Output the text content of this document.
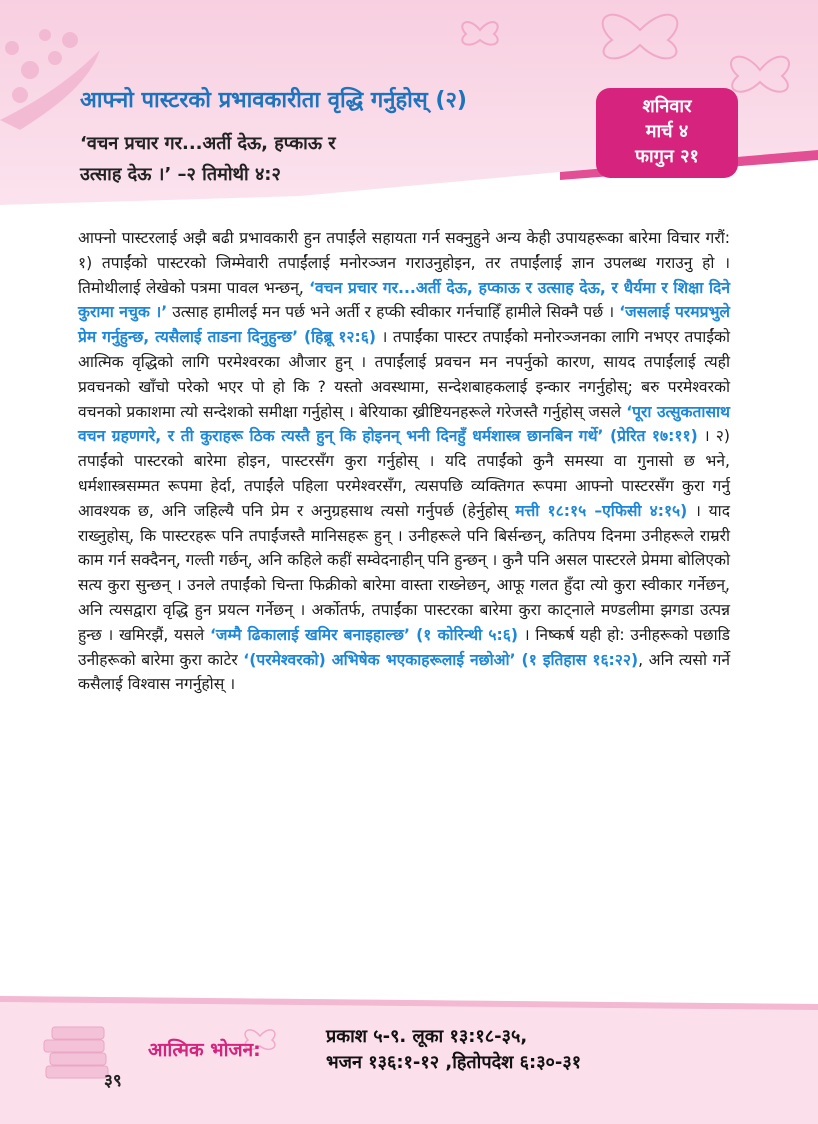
आफ्नो पास्टरको प्रभावकारीता वृद्धि गर्नुहोस् (२)
‘वचन प्रचार गर...अर्ती देऊ, हप्काऊ र
उत्साह देऊ ।’ –२ तिमोथी ४:२
शनिवार
मार्च ४
फागुन २१
आफ्नो पास्टरलाई अझै बढी प्रभावकारी हुन तपाईंले सहायता गर्न सक्नुहुने अन्य केही उपायहरूका बारेमा विचार गरौं: १) तपाईंको पास्टरको जिम्मेवारी तपाईंलाई मनोरञ्जन गराउनुहोइन, तर तपाईंलाई ज्ञान उपलब्ध गराउनु हो । तिमोथीलाई लेखेको पत्रमा पावल भन्छन्, ‘वचन प्रचार गर...अर्ती देऊ, हप्काऊ र उत्साह देऊ, र धैर्यमा र शिक्षा दिने कुरामा नचुक ।’ उत्साह हामीलई मन पर्छ भने अर्ती र हप्की स्वीकार गर्नचाहिँ हामीले सिक्नै पर्छ । ‘जसलाई परमप्रभुले प्रेम गर्नुहुन्छ, त्यसैलाई ताडना दिनुहुन्छ’ (हिब्रू १२:६) । तपाईंका पास्टर तपाईंको मनोरञ्जनका लागि नभएर तपाईंको आत्मिक वृद्धिको लागि परमेश्वरका औजार हुन् । तपाईंलाई प्रवचन मन नपर्नुको कारण, सायद तपाईंलाई त्यही प्रवचनको खाँचो परेको भएर पो हो कि ? यस्तो अवस्थामा, सन्देशबाहकलाई इन्कार नगर्नुहोस्; बरु परमेश्वरको वचनको प्रकाशमा त्यो सन्देशको समीक्षा गर्नुहोस् । बेरियाका ख्रीष्टियनहरूले गरेजस्तै गर्नुहोस् जसले ‘पूरा उत्सुकतासाथ वचन ग्रहणगरे, र ती कुराहरू ठिक त्यस्तै हुन् कि होइनन् भनी दिनहुँ धर्मशास्त्र छानबिन गर्थे’ (प्रेरित १७:११) । २) तपाईंको पास्टरको बारेमा होइन, पास्टरसँग कुरा गर्नुहोस् । यदि तपाईंको कुनै समस्या वा गुनासो छ भने, धर्मशास्त्रसम्मत रूपमा हेर्दा, तपाईंले पहिला परमेश्वरसँग, त्यसपछि व्यक्तिगत रूपमा आफ्नो पास्टरसँग कुरा गर्नु आवश्यक छ, अनि जहिल्यै पनि प्रेम र अनुग्रहसाथ त्यसो गर्नुपर्छ (हेर्नुहोस् मत्ती १८:१५ –एफिसी ४:१५) । याद राख्नुहोस्, कि पास्टरहरू पनि तपाईंजस्तै मानिसहरू हुन् । उनीहरूले पनि बिर्सन्छन्, कतिपय दिनमा उनीहरूले राम्ररी काम गर्न सक्दैनन्, गल्ती गर्छन्, अनि कहिले कहीं सम्वेदनाहीन् पनि हुन्छन् । कुनै पनि असल पास्टरले प्रेममा बोलिएको सत्य कुरा सुन्छन् । उनले तपाईंको चिन्ता फिक्रीको बारेमा वास्ता राख्नेछन्, आफू गलत हुँदा त्यो कुरा स्वीकार गर्नेछन्, अनि त्यसद्वारा वृद्धि हुन प्रयत्न गर्नेछन् । अर्कोतर्फ, तपाईंका पास्टरका बारेमा कुरा काट्नाले मण्डलीमा झगडा उत्पन्न हुन्छ । खमिरझैं, यसले ‘जम्मै ढिकालाई खमिर बनाइहाल्छ’ (१ कोरिन्थी ५:६) । निष्कर्ष यही हो: उनीहरूको पछाडि उनीहरूको बारेमा कुरा काटेर ‘(परमेश्वरको) अभिषेक भएकाहरूलाई नछोओ’ (१ इतिहास १६:२२), अनि त्यसो गर्ने कसैलाई विश्वास नगर्नुहोस् ।
आत्मिक भोजन:
प्रकाश ५-९. लूका १३:१८-३५,
भजन १३६:१-१२ ,हितोपदेश ६:३०-३१
३९
